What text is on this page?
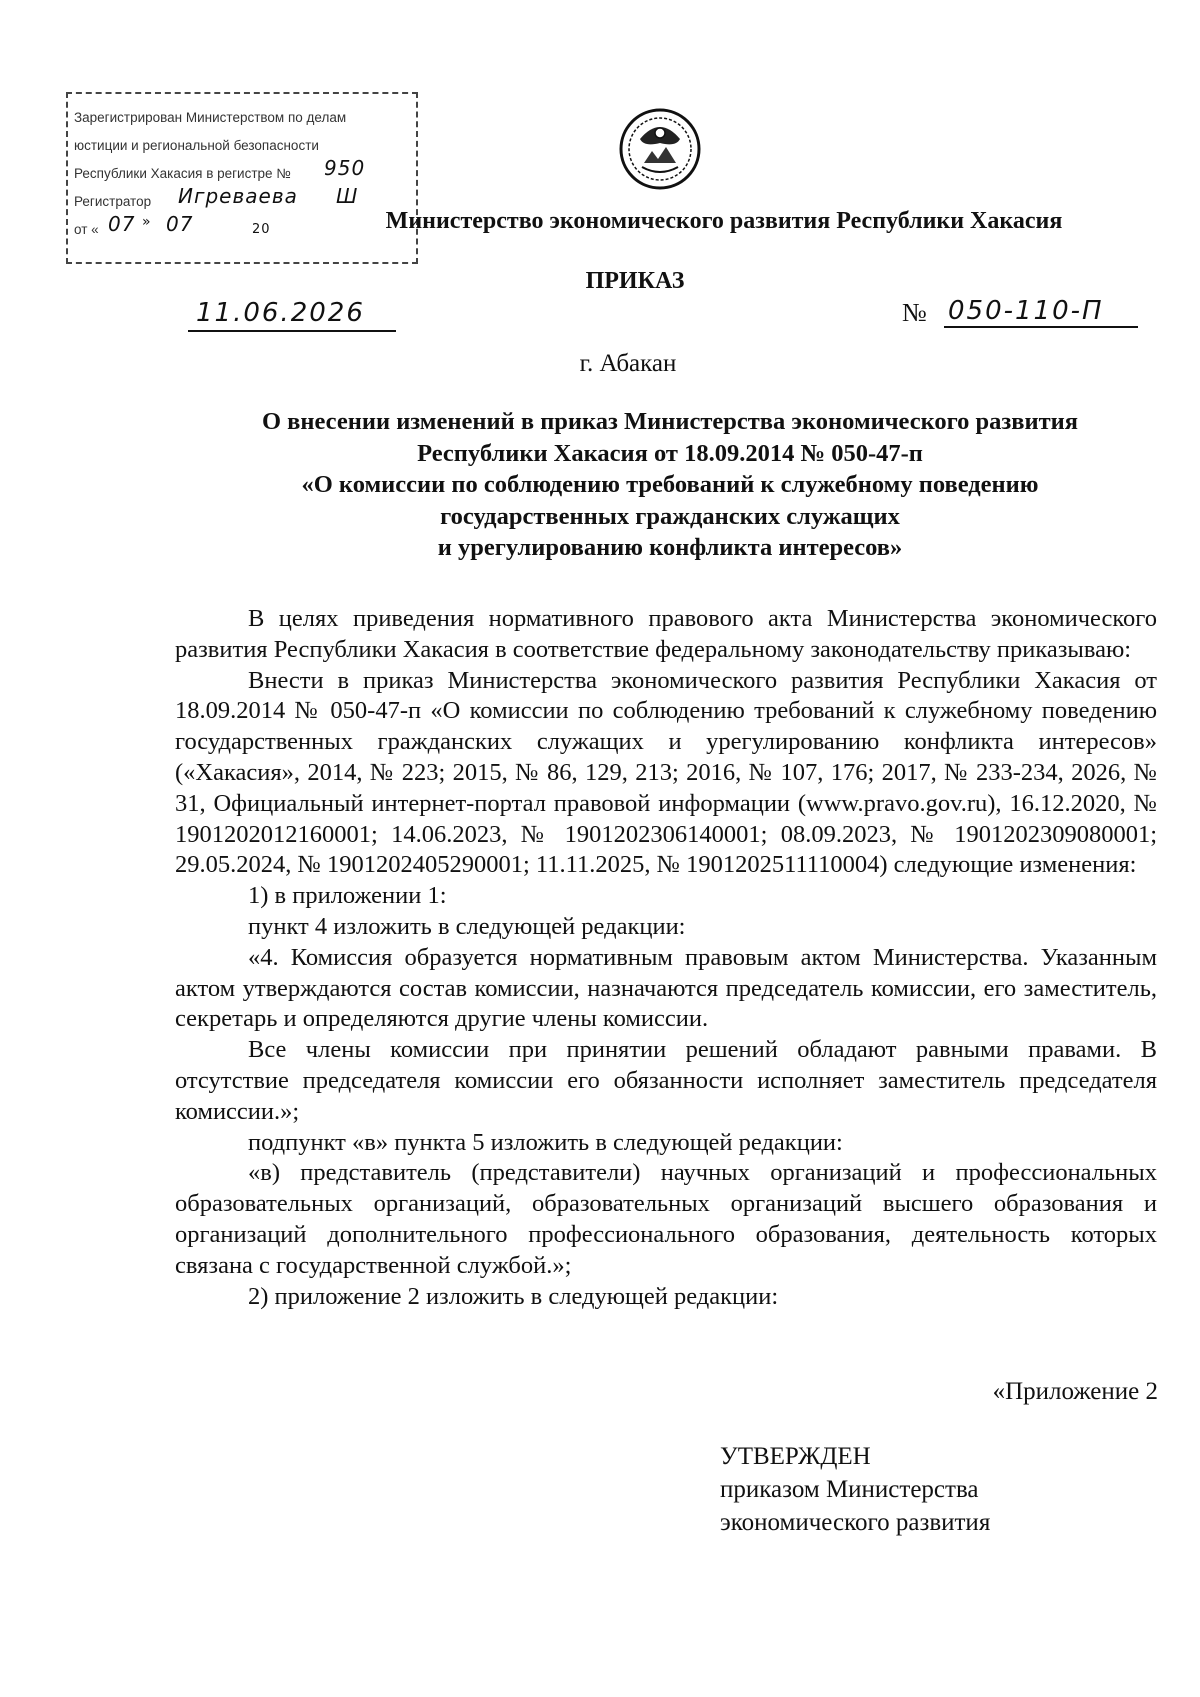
Зарегистрирован Министерством по делам
юстиции и региональной безопасности
Республики Хакасия в регистре № 950
Регистратор Игреваева Ш
от « 07 » 07	20	Министерство экономического развития Республики Хакасия
ПРИКАЗ
11.06.2026	№ 050-110-П
г. Абакан
О внесении изменений в приказ Министерства экономического развития
Республики Хакасия от 18.09.2014 № 050-47-п
«О комиссии по соблюдению требований к служебному поведению
государственных гражданских служащих
и урегулированию конфликта интересов»

В целях приведения нормативного правового акта Министерства экономического развития Республики Хакасия в соответствие федеральному законодательству приказываю:

Внести в приказ Министерства экономического развития Республики Хакасия от 18.09.2014 № 050-47-п «О комиссии по соблюдению требований к служебному поведению государственных гражданских служащих и урегулированию конфликта интересов» («Хакасия», 2014, № 223; 2015, № 86, 129, 213; 2016, № 107, 176; 2017, № 233-234, 2026, № 31, Официальный интернет-портал правовой информации (www.pravo.gov.ru), 16.12.2020, № 1901202012160001; 14.06.2023, № 1901202306140001; 08.09.2023, № 1901202309080001; 29.05.2024, № 1901202405290001; 11.11.2025, № 1901202511110004) следующие изменения:

1) в приложении 1:

пункт 4 изложить в следующей редакции:

«4. Комиссия образуется нормативным правовым актом Министерства. Указанным актом утверждаются состав комиссии, назначаются председатель комиссии, его заместитель, секретарь и определяются другие члены комиссии.

Все члены комиссии при принятии решений обладают равными правами. В отсутствие председателя комиссии его обязанности исполняет заместитель председателя комиссии.»;

подпункт «в» пункта 5 изложить в следующей редакции:

«в) представитель (представители) научных организаций и профессиональных образовательных организаций, образовательных организаций высшего образования и организаций дополнительного профессионального образования, деятельность которых связана с государственной службой.»;

2) приложение 2 изложить в следующей редакции:

«Приложение 2
УТВЕРЖДЕН
приказом Министерства
экономического развития
